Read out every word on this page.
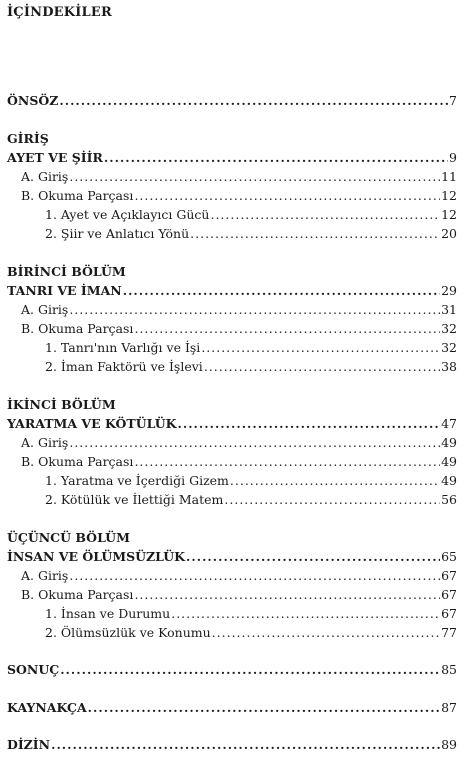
İÇİNDEKİLER
ÖNSÖZ .....	7
GİRİŞ
AYET VE ŞİİR .....	9
A. Giriş .....	11
B. Okuma Parçası .....	12
1. Ayet ve Açıklayıcı Gücü .....	12
2. Şiir ve Anlatıcı Yönü .....	20
BİRİNCİ BÖLÜM
TANRI VE İMAN .....	29
A. Giriş .....	31
B. Okuma Parçası .....	32
1. Tanrı'nın Varlığı ve İşi .....	32
2. İman Faktörü ve İşlevi .....	38
İKİNCİ BÖLÜM
YARATMA VE KÖTÜLÜK .....	47
A. Giriş .....	49
B. Okuma Parçası .....	49
1. Yaratma ve İçerdiği Gizem .....	49
2. Kötülük ve İlettiği Matem .....	56
ÜÇÜNCÜ BÖLÜM
İNSAN VE ÖLÜMSÜZLÜK .....	65
A. Giriş .....	67
B. Okuma Parçası .....	67
1. İnsan ve Durumu .....	67
2. Ölümsüzlük ve Konumu .....	77
SONUÇ .....	85
KAYNAKÇA .....	87
DİZİN .....	89
